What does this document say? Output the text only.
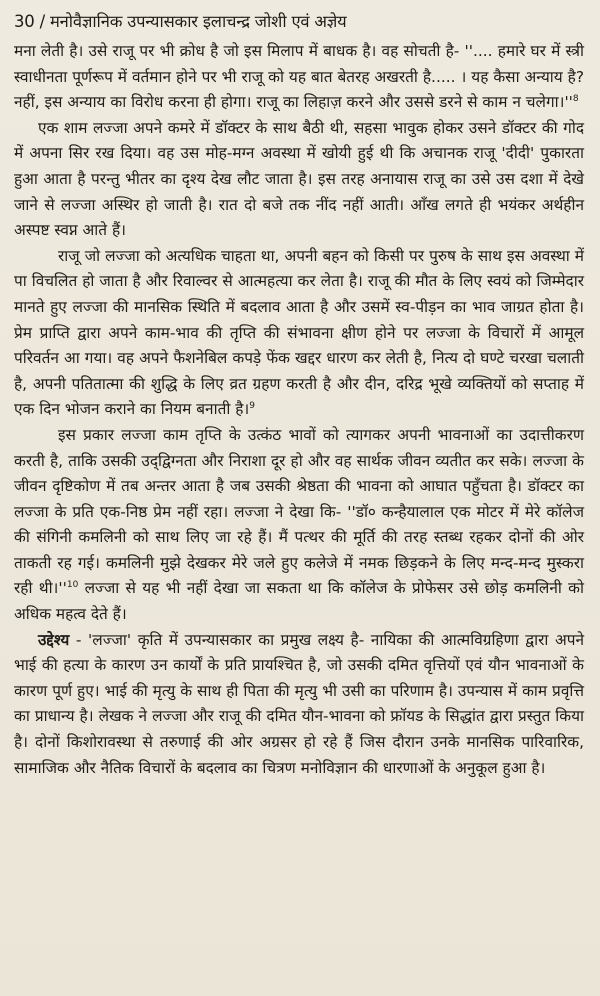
30 / मनोवैज्ञानिक उपन्यासकार इलाचन्द्र जोशी एवं अज्ञेय

मना लेती है। उसे राजू पर भी क्रोध है जो इस मिलाप में बाधक है। वह सोचती है- ''.... हमारे घर में स्त्री स्वाधीनता पूर्णरूप में वर्तमान होने पर भी राजू को यह बात बेतरह अखरती है..... । यह कैसा अन्याय है? नहीं, इस अन्याय का विरोध करना ही होगा। राजू का लिहाज़ करने और उससे डरने से काम न $चलेगा।''^8$

एक शाम लज्जा अपने कमरे में डॉक्टर के साथ बैठी थी, सहसा भावुक होकर उसने डॉक्टर की गोद में अपना सिर रख दिया। वह उस मोह-मग्न अवस्था में खोयी हुई थी कि अचानक राजू 'दीदी' पुकारता हुआ आता है परन्तु भीतर का दृश्य देख लौट जाता है। इस तरह अनायास राजू का उसे उस दशा में देखे जाने से लज्जा अस्थिर हो जाती है। रात दो बजे तक नींद नहीं आती। आँख लगते ही भयंकर अर्थहीन अस्पष्ट स्वप्न आते हैं।

राजू जो लज्जा को अत्यधिक चाहता था, अपनी बहन को किसी पर पुरुष के साथ इस अवस्था में पा विचलित हो जाता है और रिवाल्वर से आत्महत्या कर लेता है। राजू की मौत के लिए स्वयं को जिम्मेदार मानते हुए लज्जा की मानसिक स्थिति में बदलाव आता है और उसमें स्व-पीड़न का भाव जाग्रत होता है। प्रेम प्राप्ति द्वारा अपने काम-भाव की तृप्ति की संभावना क्षीण होने पर लज्जा के विचारों में आमूल परिवर्तन आ गया। वह अपने फैशनेबिल कपड़े फेंक खद्दर धारण कर लेती है, नित्य दो घण्टे चरखा चलाती है, अपनी पतितात्मा की शुद्धि के लिए व्रत ग्रहण करती है और दीन, दरिद्र भूखे व्यक्तियों को सप्ताह में एक दिन भोजन कराने का नियम बनाती है।$^9$

इस प्रकार लज्जा काम तृप्ति के उत्कंठ भावों को त्यागकर अपनी भावनाओं का उदात्तीकरण करती है, ताकि उसकी उद्‌द्विग्नता और निराशा दूर हो और वह सार्थक जीवन व्यतीत कर सके। लज्जा के जीवन दृष्टिकोण में तब अन्तर आता है जब उसकी श्रेष्ठता की भावना को आघात पहुँचता है। डॉक्टर का लज्जा के प्रति एक-निष्ठ प्रेम नहीं रहा। लज्जा ने देखा कि- ''डॉ० कन्हैयालाल एक मोटर में मेरे कॉलेज की संगिनी कमलिनी को साथ लिए जा रहे हैं। मैं पत्थर की मूर्ति की तरह स्तब्ध रहकर दोनों की ओर ताकती रह गई। कमलिनी मुझे देखकर मेरे जले हुए कलेजे में नमक छिड़कने के लिए मन्द-मन्द मुस्करा रही $थी।''^{10}$ लज्जा से यह भी नहीं देखा जा सकता था कि कॉलेज के प्रोफेसर उसे छोड़ कमलिनी को अधिक महत्व देते हैं।

उद्देश्य - 'लज्जा' कृति में उपन्यासकार का प्रमुख लक्ष्य है- नायिका की आत्मविग्रहिणा द्वारा अपने भाई की हत्या के कारण उन कार्यों के प्रति प्रायश्चित है, जो उसकी दमित वृत्तियों एवं यौन भावनाओं के कारण पूर्ण हुए। भाई की मृत्यु के साथ ही पिता की मृत्यु भी उसी का परिणाम है। उपन्यास में काम प्रवृत्ति का प्राधान्य है। लेखक ने लज्जा और राजू की दमित यौन-भावना को फ्रॉयड के सिद्धांत द्वारा प्रस्तुत किया है। दोनों किशोरावस्था से तरुणाई की ओर अग्रसर हो रहे हैं जिस दौरान उनके मानसिक पारिवारिक, सामाजिक और नैतिक विचारों के बदलाव का चित्रण मनोविज्ञान की धारणाओं के अनुकूल हुआ है।
